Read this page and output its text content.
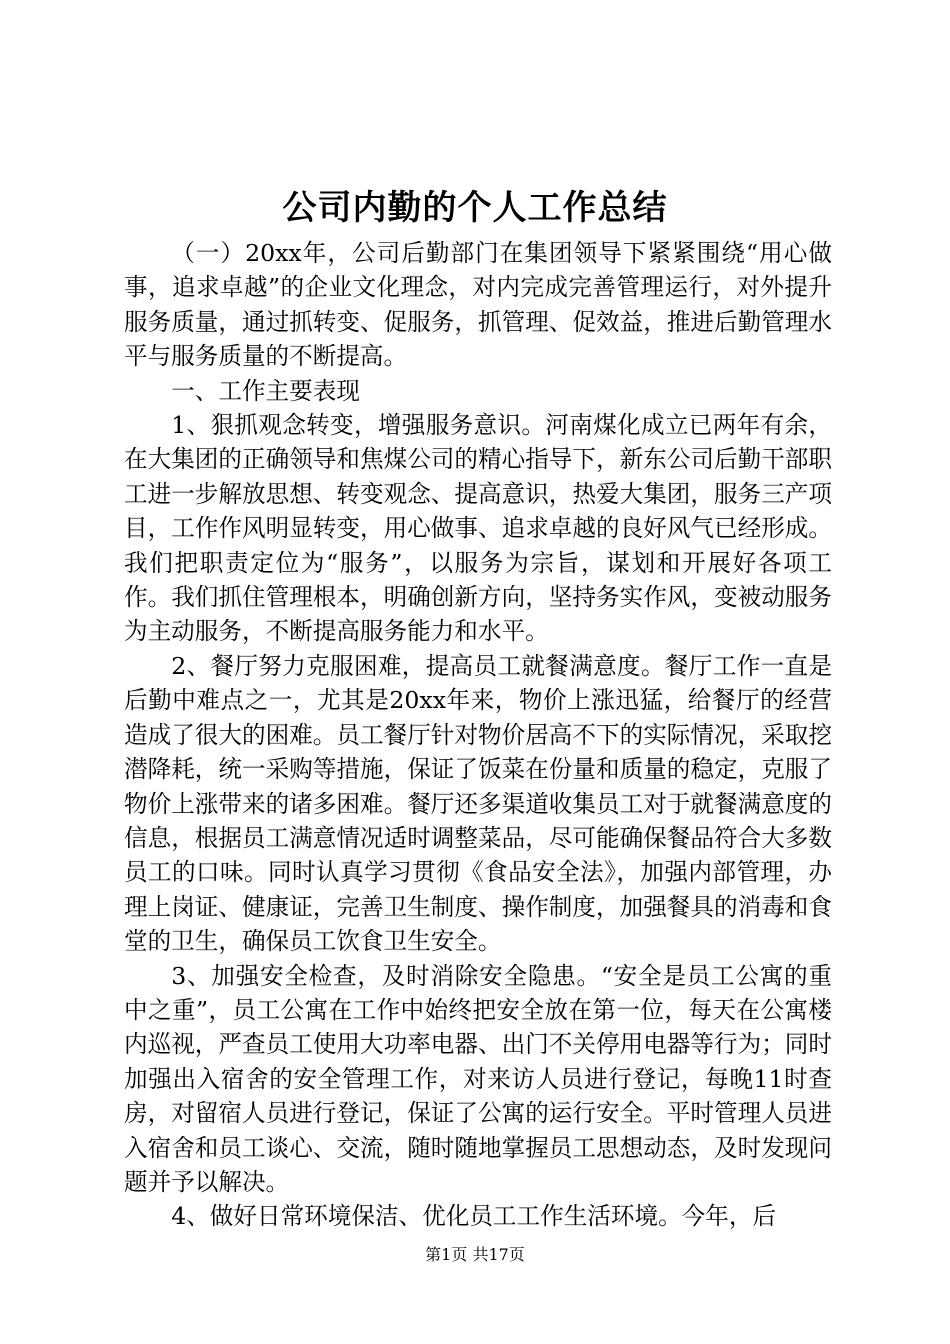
公司内勤的个人工作总结

（一）20xx年，公司后勤部门在集团领导下紧紧围绕“用心做事，追求卓越”的企业文化理念，对内完成完善管理运行，对外提升服务质量，通过抓转变、促服务，抓管理、促效益，推进后勤管理水平与服务质量的不断提高。

一、工作主要表现

1、狠抓观念转变，增强服务意识。河南煤化成立已两年有余，在大集团的正确领导和焦煤公司的精心指导下，新东公司后勤干部职工进一步解放思想、转变观念、提高意识，热爱大集团，服务三产项目，工作作风明显转变，用心做事、追求卓越的良好风气已经形成。我们把职责定位为“服务”，以服务为宗旨，谋划和开展好各项工作。我们抓住管理根本，明确创新方向，坚持务实作风，变被动服务为主动服务，不断提高服务能力和水平。

2、餐厅努力克服困难，提高员工就餐满意度。餐厅工作一直是后勤中难点之一，尤其是20xx年来，物价上涨迅猛，给餐厅的经营造成了很大的困难。员工餐厅针对物价居高不下的实际情况，采取挖潜降耗，统一采购等措施，保证了饭菜在份量和质量的稳定，克服了物价上涨带来的诸多困难。餐厅还多渠道收集员工对于就餐满意度的信息，根据员工满意情况适时调整菜品，尽可能确保餐品符合大多数员工的口味。同时认真学习贯彻《食品安全法》，加强内部管理，办理上岗证、健康证，完善卫生制度、操作制度，加强餐具的消毒和食堂的卫生，确保员工饮食卫生安全。

3、加强安全检查，及时消除安全隐患。“安全是员工公寓的重中之重”，员工公寓在工作中始终把安全放在第一位，每天在公寓楼内巡视，严查员工使用大功率电器、出门不关停用电器等行为；同时加强出入宿舍的安全管理工作，对来访人员进行登记，每晚11时查房，对留宿人员进行登记，保证了公寓的运行安全。平时管理人员进入宿舍和员工谈心、交流，随时随地掌握员工思想动态，及时发现问题并予以解决。

4、做好日常环境保洁、优化员工工作生活环境。今年，后

第1页 共17页
